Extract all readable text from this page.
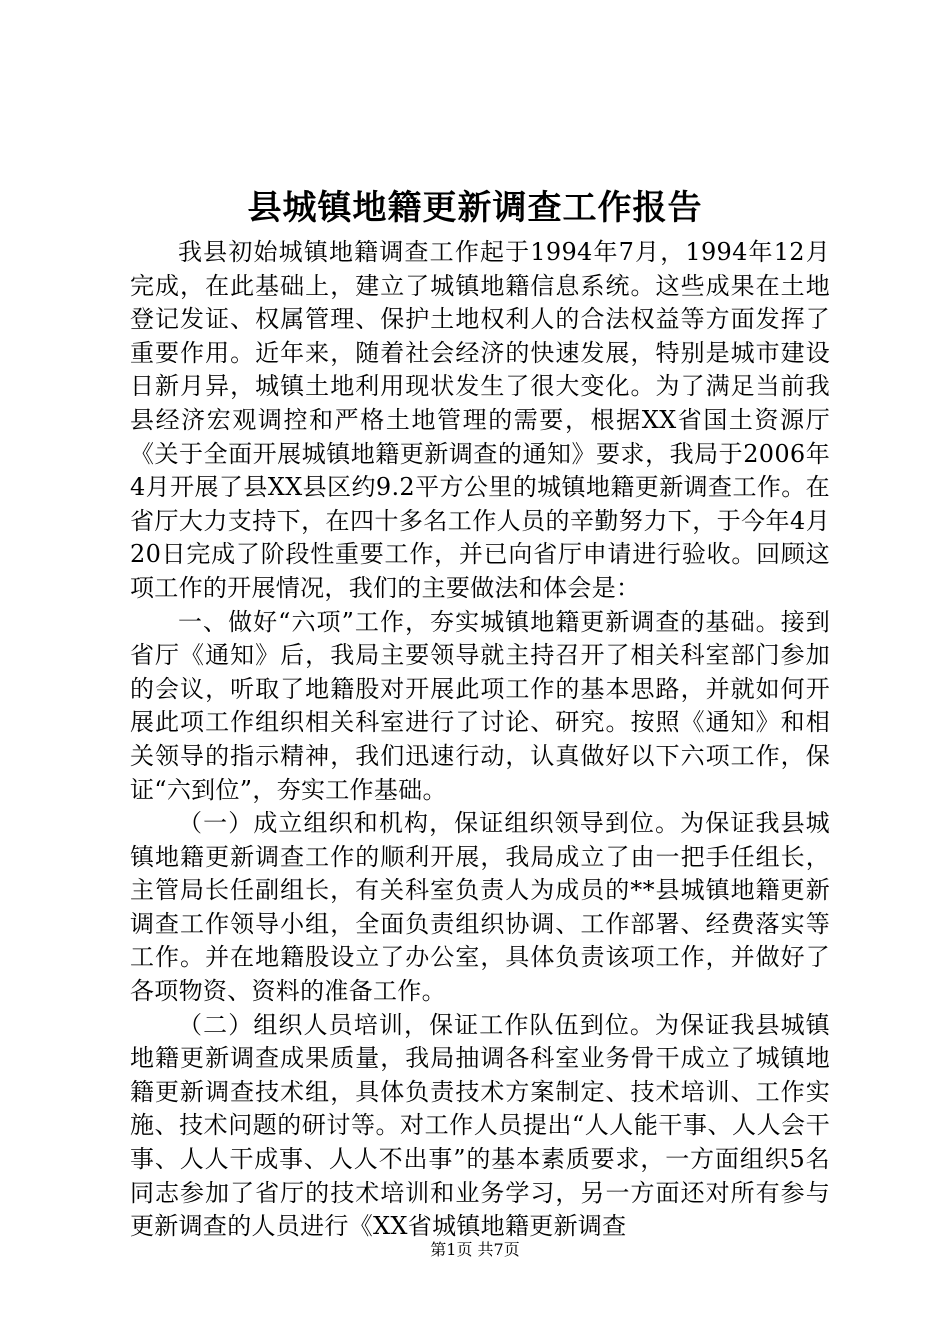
县城镇地籍更新调查工作报告

我县初始城镇地籍调查工作起于1994年7月，1994年12月完成，在此基础上，建立了城镇地籍信息系统。这些成果在土地登记发证、权属管理、保护土地权利人的合法权益等方面发挥了重要作用。近年来，随着社会经济的快速发展，特别是城市建设日新月异，城镇土地利用现状发生了很大变化。为了满足当前我县经济宏观调控和严格土地管理的需要，根据XX省国土资源厅《关于全面开展城镇地籍更新调查的通知》要求，我局于2006年4月开展了县XX县区约9.2平方公里的城镇地籍更新调查工作。在省厅大力支持下，在四十多名工作人员的辛勤努力下，于今年4月20日完成了阶段性重要工作，并已向省厅申请进行验收。回顾这项工作的开展情况，我们的主要做法和体会是：

一、做好“六项”工作，夯实城镇地籍更新调查的基础。接到省厅《通知》后，我局主要领导就主持召开了相关科室部门参加的会议，听取了地籍股对开展此项工作的基本思路，并就如何开展此项工作组织相关科室进行了讨论、研究。按照《通知》和相关领导的指示精神，我们迅速行动，认真做好以下六项工作，保证“六到位”，夯实工作基础。

（一）成立组织和机构，保证组织领导到位。为保证我县城镇地籍更新调查工作的顺利开展，我局成立了由一把手任组长，主管局长任副组长，有关科室负责人为成员的**县城镇地籍更新调查工作领导小组，全面负责组织协调、工作部署、经费落实等工作。并在地籍股设立了办公室，具体负责该项工作，并做好了各项物资、资料的准备工作。

（二）组织人员培训，保证工作队伍到位。为保证我县城镇地籍更新调查成果质量，我局抽调各科室业务骨干成立了城镇地籍更新调查技术组，具体负责技术方案制定、技术培训、工作实施、技术问题的研讨等。对工作人员提出“人人能干事、人人会干事、人人干成事、人人不出事”的基本素质要求，一方面组织5名同志参加了省厅的技术培训和业务学习，另一方面还对所有参与更新调查的人员进行《XX省城镇地籍更新调查

第1页 共7页
